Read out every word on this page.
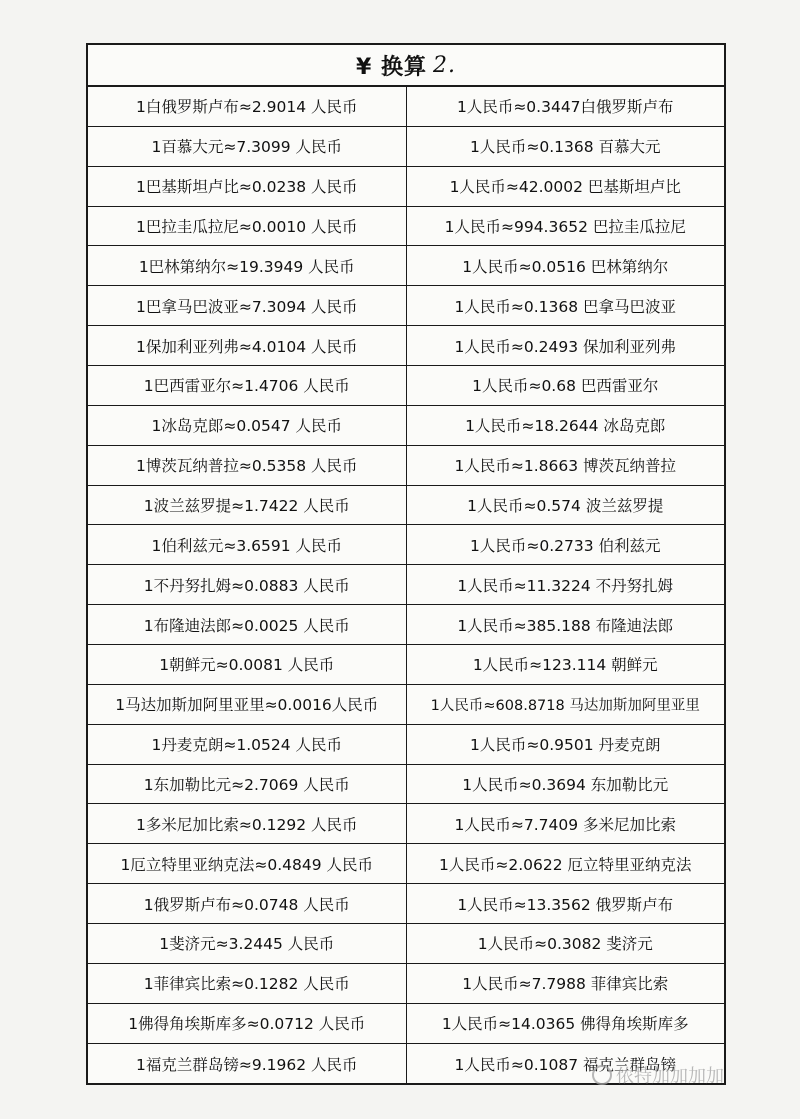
¥ 换算 2.
1白俄罗斯卢布≈2.9014 人民币	1人民币≈0.3447白俄罗斯卢布
1百慕大元≈7.3099 人民币	1人民币≈0.1368 百慕大元
1巴基斯坦卢比≈0.0238 人民币	1人民币≈42.0002 巴基斯坦卢比
1巴拉圭瓜拉尼≈0.0010 人民币	1人民币≈994.3652 巴拉圭瓜拉尼
1巴林第纳尔≈19.3949 人民币	1人民币≈0.0516 巴林第纳尔
1巴拿马巴波亚≈7.3094 人民币	1人民币≈0.1368 巴拿马巴波亚
1保加利亚列弗≈4.0104 人民币	1人民币≈0.2493 保加利亚列弗
1巴西雷亚尔≈1.4706 人民币	1人民币≈0.68 巴西雷亚尔
1冰岛克郎≈0.0547 人民币	1人民币≈18.2644 冰岛克郎
1博茨瓦纳普拉≈0.5358 人民币	1人民币≈1.8663 博茨瓦纳普拉
1波兰兹罗提≈1.7422 人民币	1人民币≈0.574 波兰兹罗提
1伯利兹元≈3.6591 人民币	1人民币≈0.2733 伯利兹元
1不丹努扎姆≈0.0883 人民币	1人民币≈11.3224 不丹努扎姆
1布隆迪法郎≈0.0025 人民币	1人民币≈385.188 布隆迪法郎
1朝鲜元≈0.0081 人民币	1人民币≈123.114 朝鲜元
1马达加斯加阿里亚里≈0.0016人民币	1人民币≈608.8718 马达加斯加阿里亚里
1丹麦克朗≈1.0524 人民币	1人民币≈0.9501 丹麦克朗
1东加勒比元≈2.7069 人民币	1人民币≈0.3694 东加勒比元
1多米尼加比索≈0.1292 人民币	1人民币≈7.7409 多米尼加比索
1厄立特里亚纳克法≈0.4849 人民币	1人民币≈2.0622 厄立特里亚纳克法
1俄罗斯卢布≈0.0748 人民币	1人民币≈13.3562 俄罗斯卢布
1斐济元≈3.2445 人民币	1人民币≈0.3082 斐济元
1菲律宾比索≈0.1282 人民币	1人民币≈7.7988 菲律宾比索
1佛得角埃斯库多≈0.0712 人民币	1人民币≈14.0365 佛得角埃斯库多
1福克兰群岛镑≈9.1962 人民币	1人民币≈0.1087 福克兰群岛镑
侬特加加加加
